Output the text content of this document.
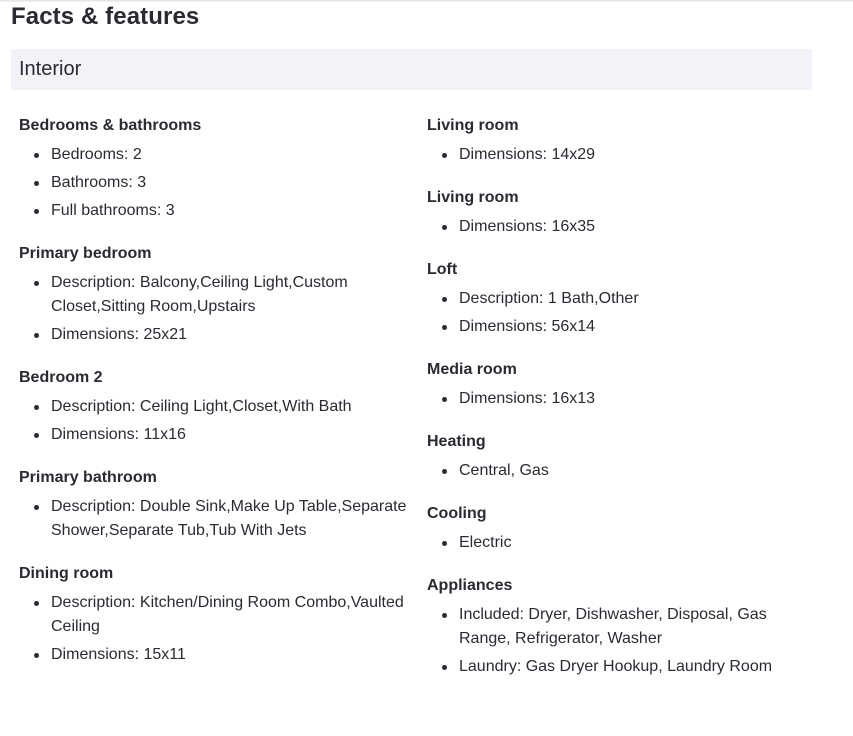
Facts & features
Interior
Bedrooms & bathrooms
Bedrooms: 2
Bathrooms: 3
Full bathrooms: 3
Primary bedroom
Description: Balcony,Ceiling Light,Custom Closet,Sitting Room,Upstairs
Dimensions: 25x21
Bedroom 2
Description: Ceiling Light,Closet,With Bath
Dimensions: 11x16
Primary bathroom
Description: Double Sink,Make Up Table,Separate Shower,Separate Tub,Tub With Jets
Dining room
Description: Kitchen/Dining Room Combo,Vaulted Ceiling
Dimensions: 15x11
Living room
Dimensions: 14x29
Living room
Dimensions: 16x35
Loft
Description: 1 Bath,Other
Dimensions: 56x14
Media room
Dimensions: 16x13
Heating
Central, Gas
Cooling
Electric
Appliances
Included: Dryer, Dishwasher, Disposal, Gas Range, Refrigerator, Washer
Laundry: Gas Dryer Hookup, Laundry Room
